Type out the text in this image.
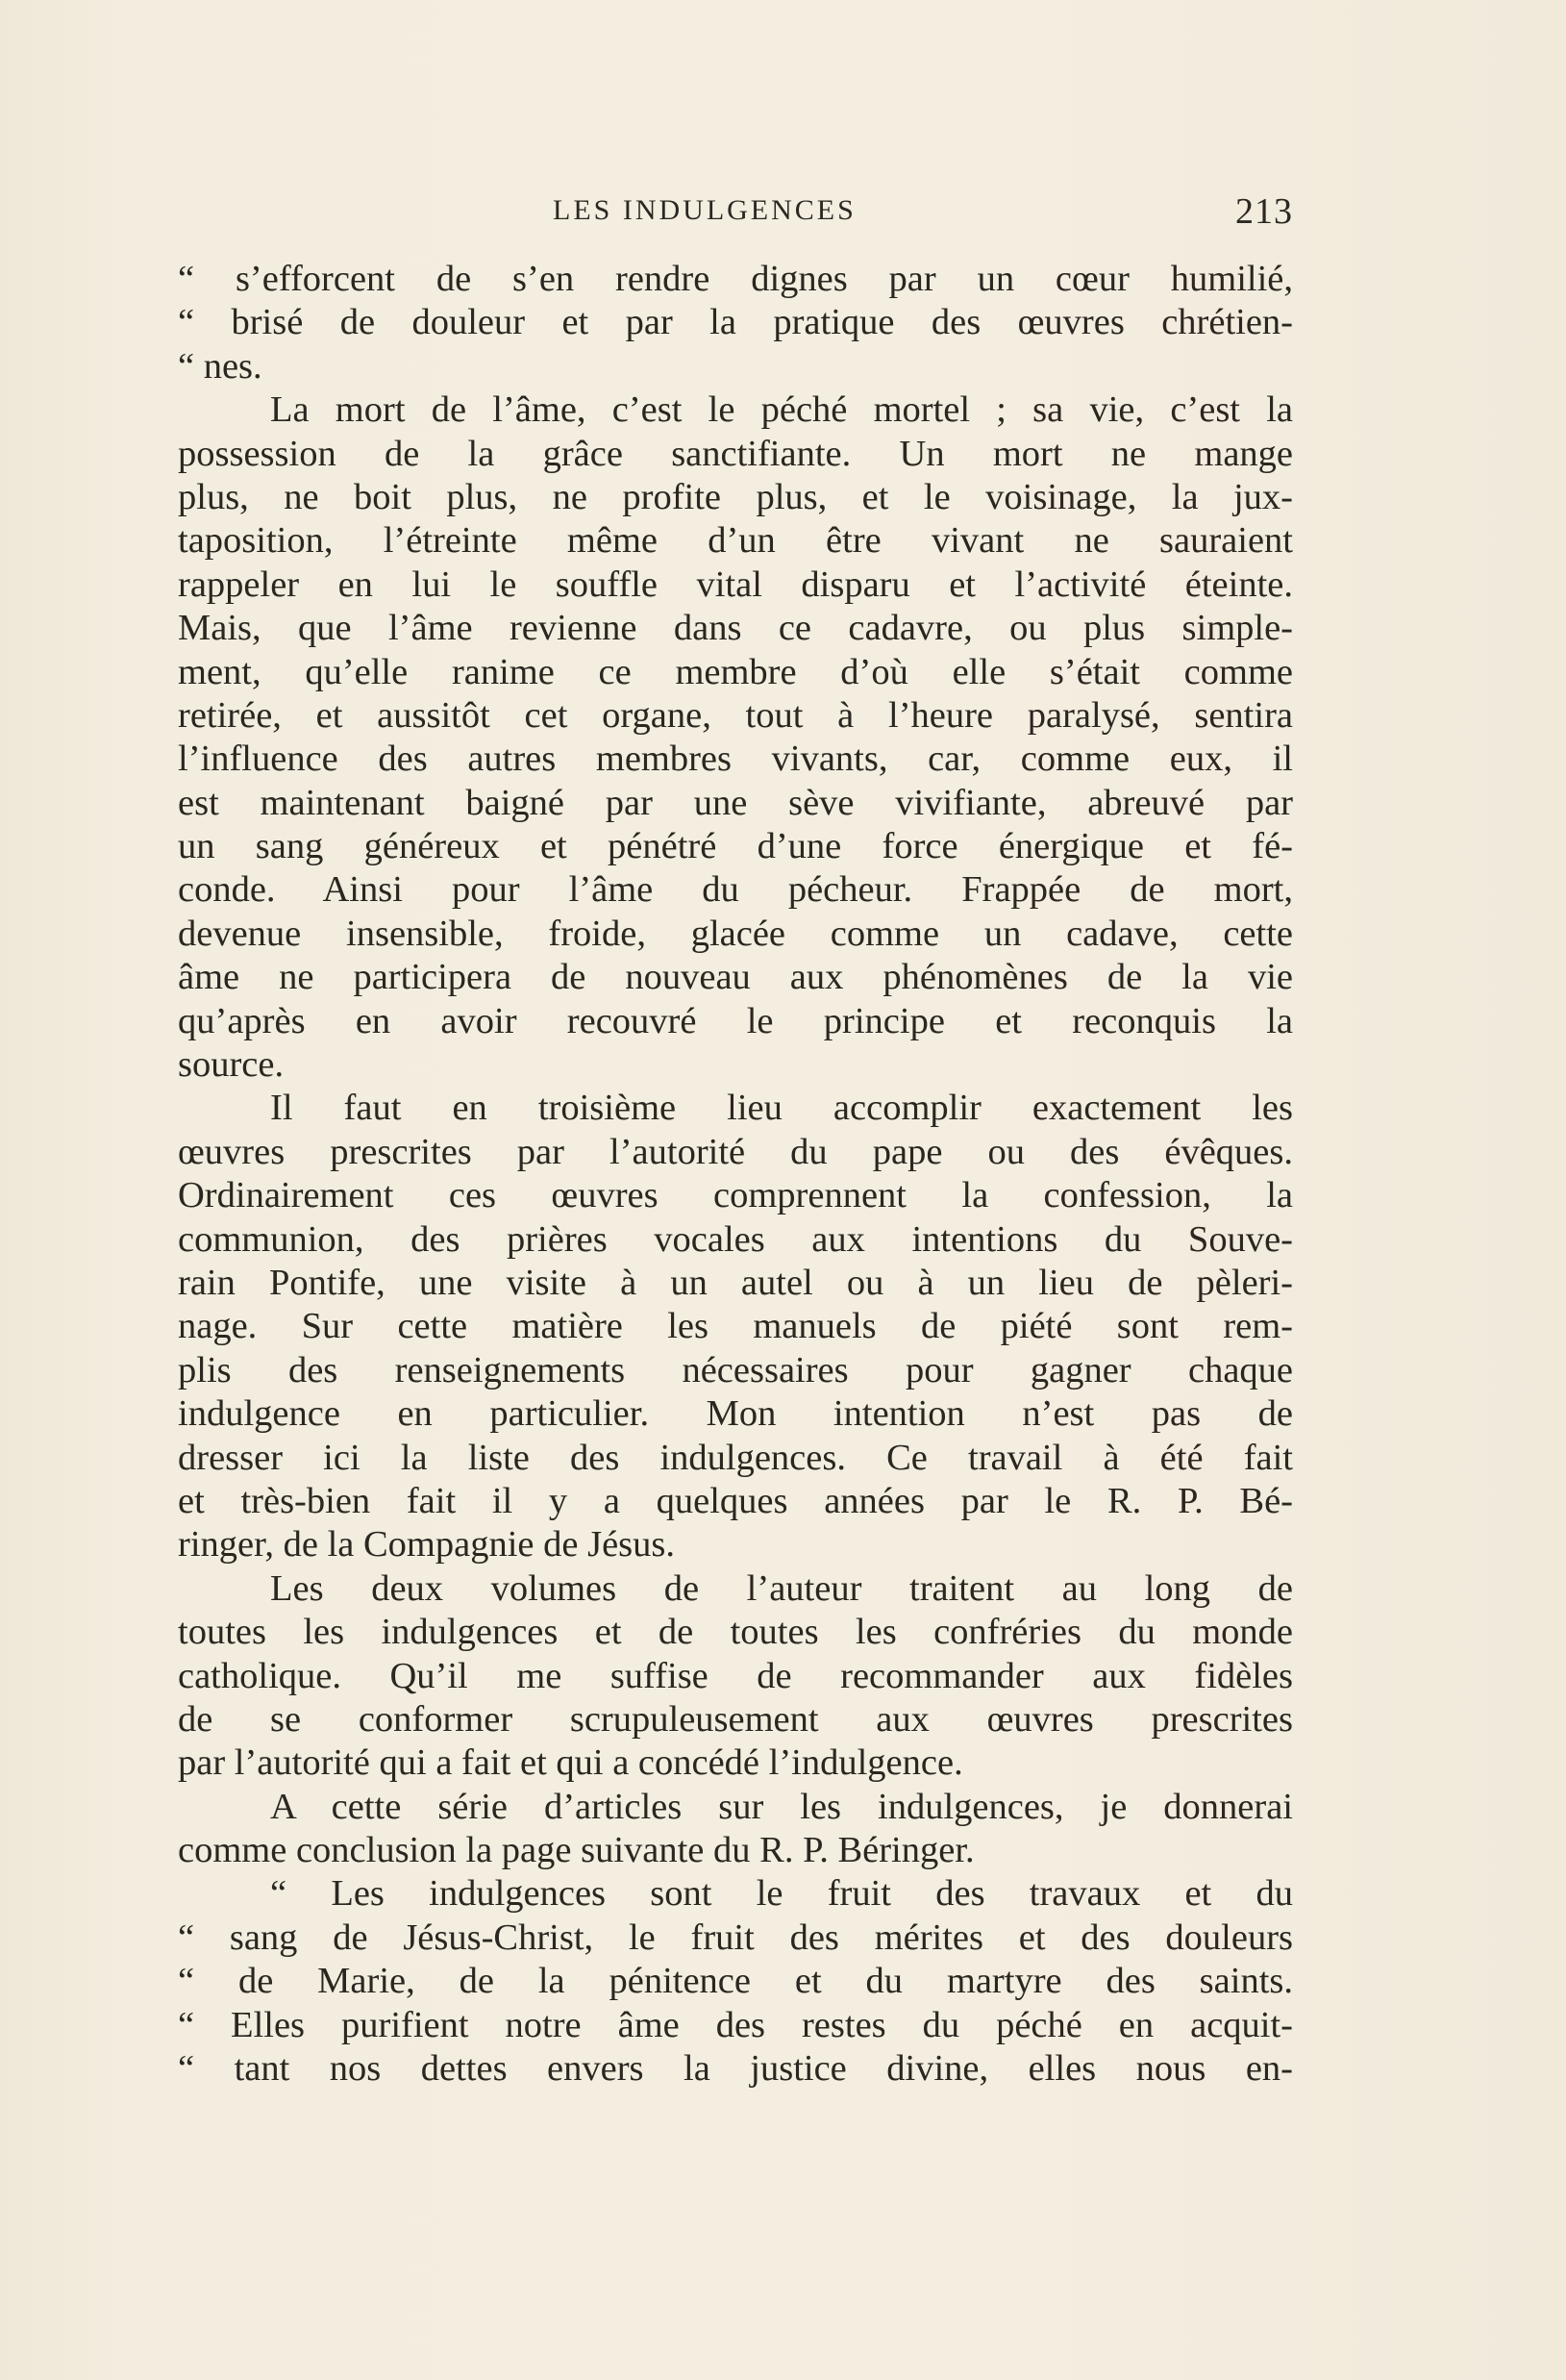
LES INDULGENCES	213
“ s’efforcent de s’en rendre dignes par un cœur humilié,
“ brisé de douleur et par la pratique des œuvres chrétien-
“ nes.
La mort de l’âme, c’est le péché mortel ; sa vie, c’est la
possession de la grâce sanctifiante. Un mort ne mange
plus, ne boit plus, ne profite plus, et le voisinage, la jux-
taposition, l’étreinte même d’un être vivant ne sauraient
rappeler en lui le souffle vital disparu et l’activité éteinte.
Mais, que l’âme revienne dans ce cadavre, ou plus simple-
ment, qu’elle ranime ce membre d’où elle s’était comme
retirée, et aussitôt cet organe, tout à l’heure paralysé, sentira
l’influence des autres membres vivants, car, comme eux, il
est maintenant baigné par une sève vivifiante, abreuvé par
un sang généreux et pénétré d’une force énergique et fé-
conde. Ainsi pour l’âme du pécheur. Frappée de mort,
devenue insensible, froide, glacée comme un cadave, cette
âme ne participera de nouveau aux phénomènes de la vie
qu’après en avoir recouvré le principe et reconquis la
source.
Il faut en troisième lieu accomplir exactement les
œuvres prescrites par l’autorité du pape ou des évêques.
Ordinairement ces œuvres comprennent la confession, la
communion, des prières vocales aux intentions du Souve-
rain Pontife, une visite à un autel ou à un lieu de pèleri-
nage. Sur cette matière les manuels de piété sont rem-
plis des renseignements nécessaires pour gagner chaque
indulgence en particulier. Mon intention n’est pas de
dresser ici la liste des indulgences. Ce travail à été fait
et très-bien fait il y a quelques années par le R. P. Bé-
ringer, de la Compagnie de Jésus.
Les deux volumes de l’auteur traitent au long de
toutes les indulgences et de toutes les confréries du monde
catholique. Qu’il me suffise de recommander aux fidèles
de se conformer scrupuleusement aux œuvres prescrites
par l’autorité qui a fait et qui a concédé l’indulgence.
A cette série d’articles sur les indulgences, je donnerai
comme conclusion la page suivante du R. P. Béringer.
“ Les indulgences sont le fruit des travaux et du
“ sang de Jésus-Christ, le fruit des mérites et des douleurs
“ de Marie, de la pénitence et du martyre des saints.
“ Elles purifient notre âme des restes du péché en acquit-
“ tant nos dettes envers la justice divine, elles nous en-
